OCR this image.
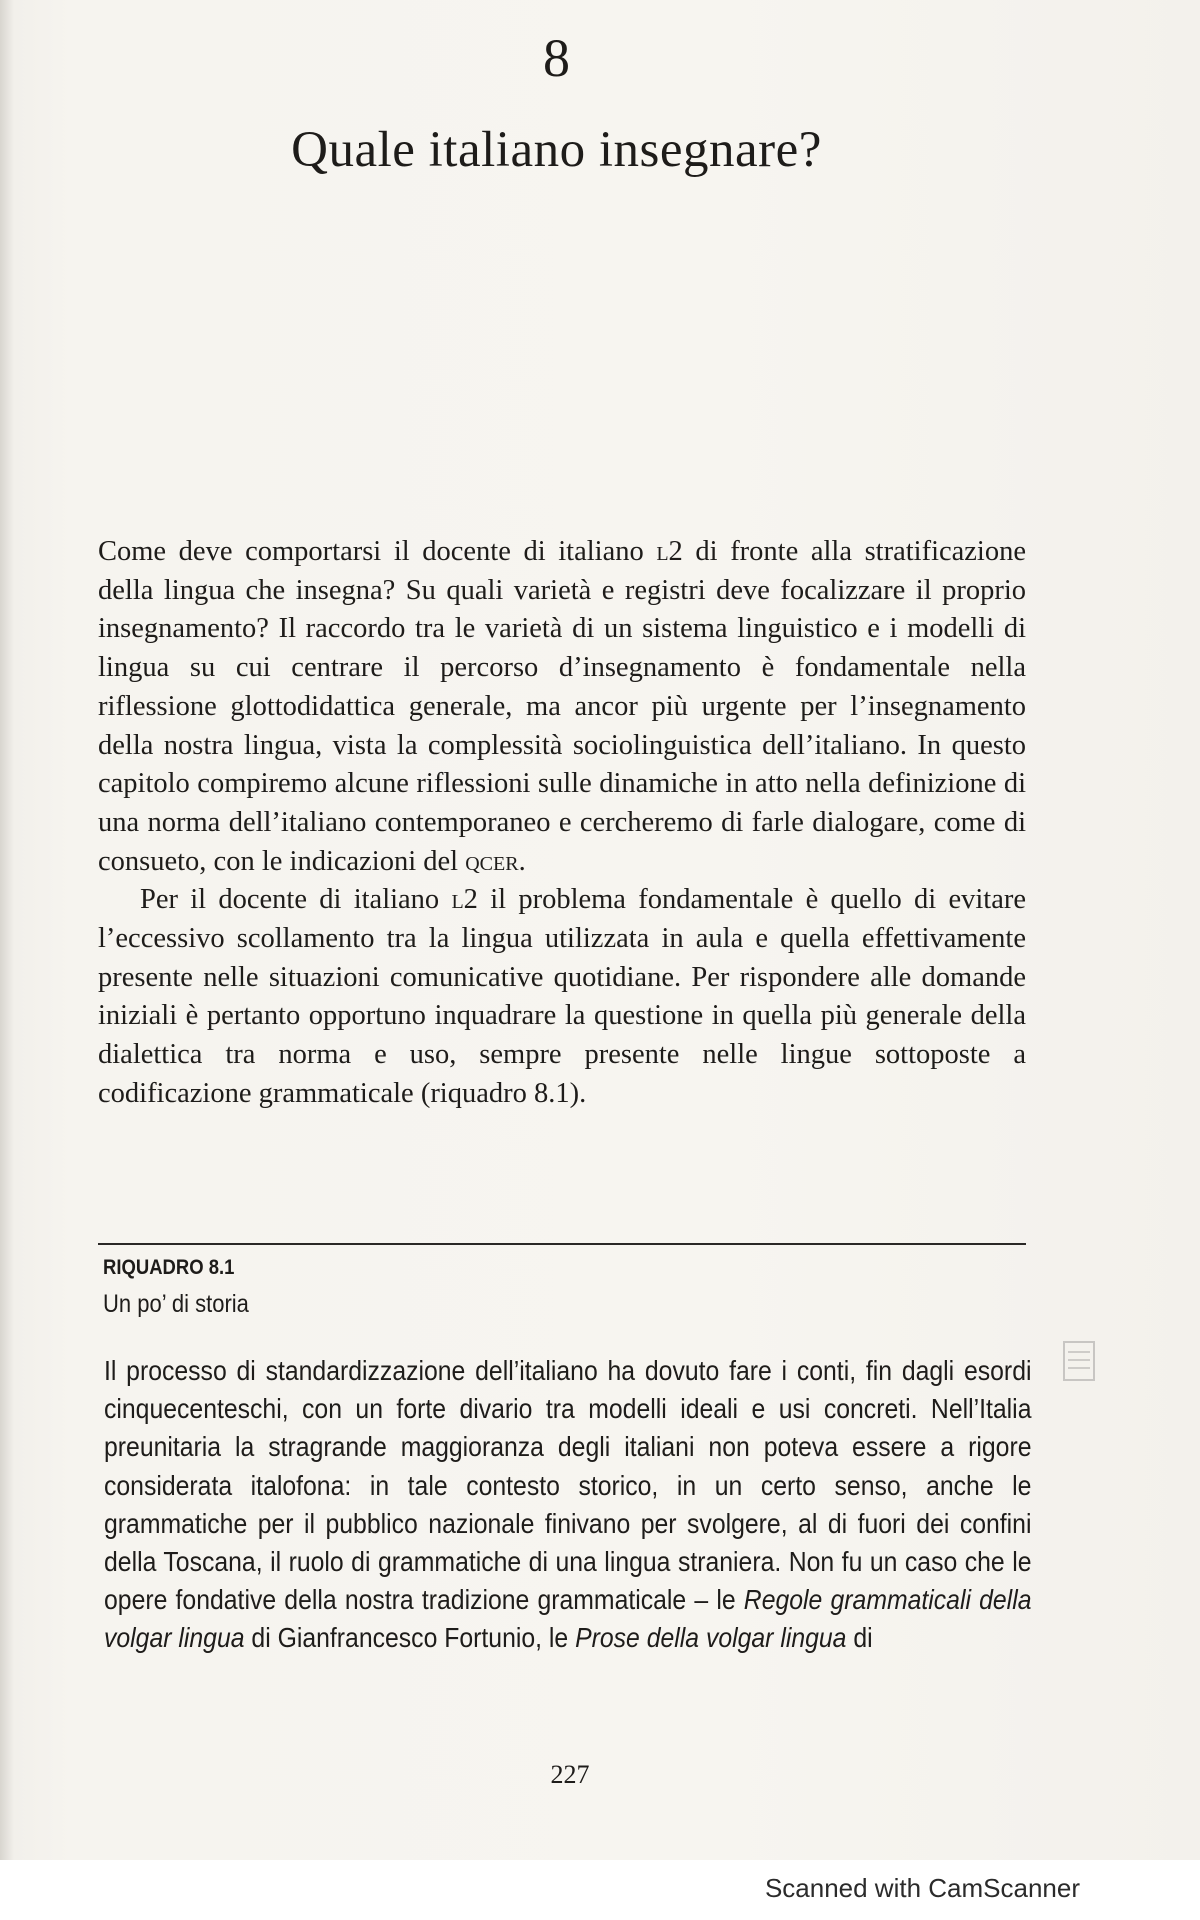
8
Quale italiano insegnare?

Come deve comportarsi il docente di italiano l2 di fronte alla stratificazione della lingua che insegna? Su quali varietà e registri deve focalizzare il proprio insegnamento? Il raccordo tra le varietà di un sistema linguistico e i modelli di lingua su cui centrare il percorso d’insegnamento è fondamentale nella riflessione glottodidattica generale, ma ancor più urgente per l’insegnamento della nostra lingua, vista la complessità sociolinguistica dell’italiano. In questo capitolo compiremo alcune riflessioni sulle dinamiche in atto nella definizione di una norma dell’italiano contemporaneo e cercheremo di farle dialogare, come di consueto, con le indicazioni del qcer.

Per il docente di italiano l2 il problema fondamentale è quello di evitare l’eccessivo scollamento tra la lingua utilizzata in aula e quella effettivamente presente nelle situazioni comunicative quotidiane. Per rispondere alle domande iniziali è pertanto opportuno inquadrare la questione in quella più generale della dialettica tra norma e uso, sempre presente nelle lingue sottoposte a codificazione grammaticale (riquadro 8.1).

RIQUADRO 8.1
Un po’ di storia

Il processo di standardizzazione dell’italiano ha dovuto fare i conti, fin dagli esordi cinquecenteschi, con un forte divario tra modelli ideali e usi concreti. Nell’Italia preunitaria la stragrande maggioranza degli italiani non poteva essere a rigore considerata italofona: in tale contesto storico, in un certo senso, anche le grammatiche per il pubblico nazionale finivano per svolgere, al di fuori dei confini della Toscana, il ruolo di grammatiche di una lingua straniera. Non fu un caso che le opere fondative della nostra tradizione grammaticale – le Regole grammaticali della volgar lingua di Gianfrancesco Fortunio, le Prose della volgar lingua di

227
Scanned with CamScanner
